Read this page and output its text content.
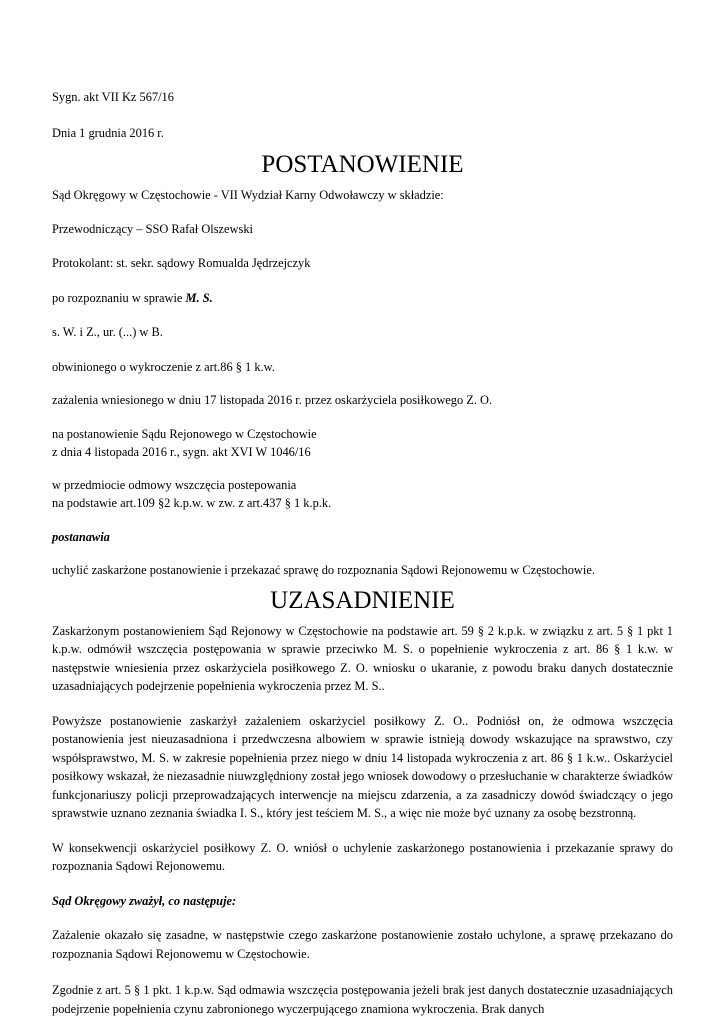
Sygn. akt VII Kz 567/16

Dnia 1 grudnia 2016 r.

POSTANOWIENIE

Sąd Okręgowy w Częstochowie - VII Wydział Karny Odwoławczy w składzie:

Przewodniczący – SSO Rafał Olszewski

Protokolant: st. sekr. sądowy Romualda Jędrzejczyk

po rozpoznaniu w sprawie M. S.

s. W. i Z., ur. (...) w B.

obwinionego o wykroczenie z art.86 § 1 k.w.

zażalenia wniesionego w dniu 17 listopada 2016 r. przez oskarżyciela posiłkowego Z. O.

na postanowienie Sądu Rejonowego w Częstochowie
z dnia 4 listopada 2016 r., sygn. akt XVI W 1046/16

w przedmiocie odmowy wszczęcia postepowania
na podstawie art.109 §2 k.p.w. w zw. z art.437 § 1 k.p.k.

postanawia

uchylić zaskarżone postanowienie i przekazać sprawę do rozpoznania Sądowi Rejonowemu w Częstochowie.

UZASADNIENIE

Zaskarżonym postanowieniem Sąd Rejonowy w Częstochowie na podstawie art. 59 § 2 k.p.k. w związku z art. 5 § 1 pkt 1 k.p.w. odmówił wszczęcia postępowania w sprawie przeciwko M. S. o popełnienie wykroczenia z art. 86 § 1 k.w. w następstwie wniesienia przez oskarżyciela posiłkowego Z. O. wniosku o ukaranie, z powodu braku danych dostatecznie uzasadniających podejrzenie popełnienia wykroczenia przez M. S..

Powyższe postanowienie zaskarżył zażaleniem oskarżyciel posiłkowy Z. O.. Podniósł on, że odmowa wszczęcia postanowienia jest nieuzasadniona i przedwczesna albowiem w sprawie istnieją dowody wskazujące na sprawstwo, czy współsprawstwo, M. S. w zakresie popełnienia przez niego w dniu 14 listopada wykroczenia z art. 86 § 1 k.w.. Oskarżyciel posiłkowy wskazał, że niezasadnie niuwzględniony został jego wniosek dowodowy o przesłuchanie w charakterze świadków funkcjonariuszy policji przeprowadzających interwencje na miejscu zdarzenia, a za zasadniczy dowód świadczący o jego sprawstwie uznano zeznania świadka I. S., który jest teściem M. S., a więc nie może być uznany za osobę bezstronną.

W konsekwencji oskarżyciel posiłkowy Z. O. wniósł o uchylenie zaskarżonego postanowienia i przekazanie sprawy do rozpoznania Sądowi Rejonowemu.

Sąd Okręgowy zważył, co następuje:

Zażalenie okazało się zasadne, w następstwie czego zaskarżone postanowienie zostało uchylone, a sprawę przekazano do rozpoznania Sądowi Rejonowemu w Częstochowie.

Zgodnie z art. 5 § 1 pkt. 1 k.p.w. Sąd odmawia wszczęcia postępowania jeżeli brak jest danych dostatecznie uzasadniających podejrzenie popełnienia czynu zabronionego wyczerpującego znamiona wykroczenia. Brak danych
